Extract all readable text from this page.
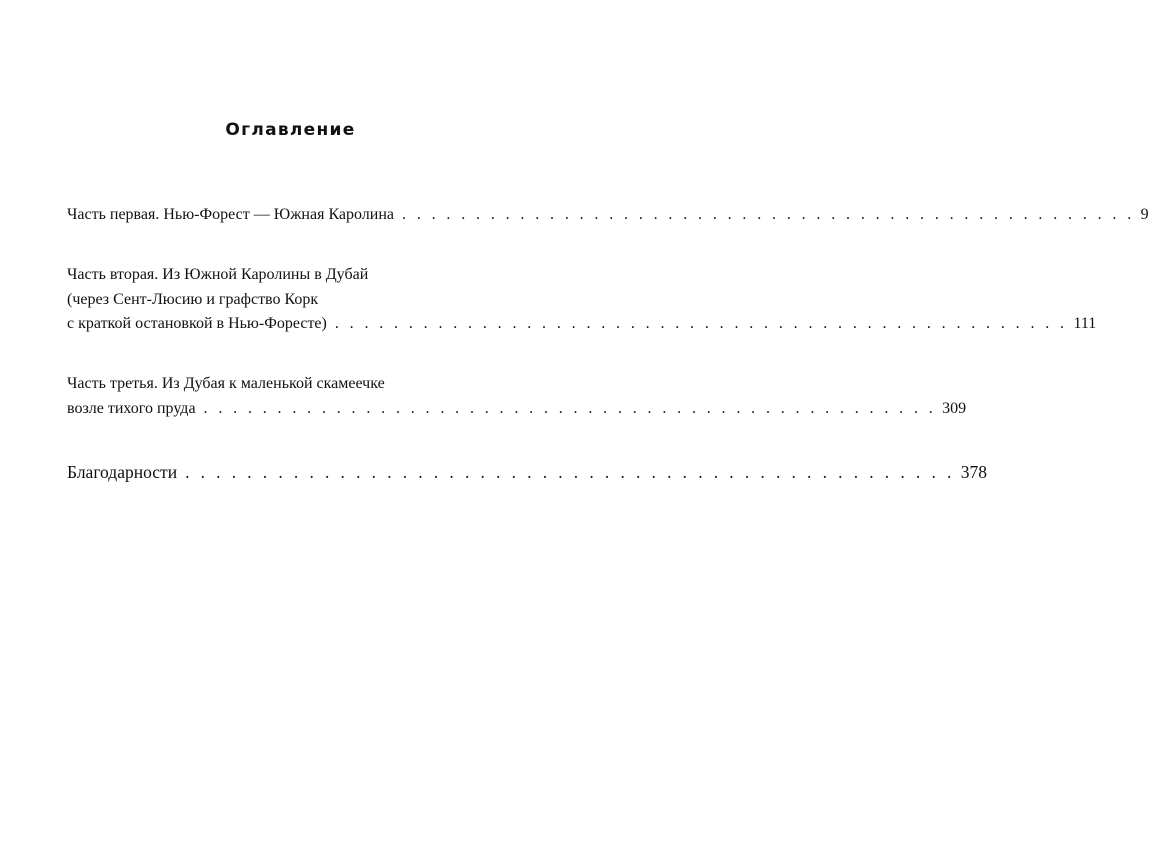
Оглавление
Часть первая. Нью-Форест — Южная Каролина . . . . . . . . . . . . . . . . . . . . . . . . . . . . . . . . . . . . . . . . . . . . . . . . . . 9
Часть вторая. Из Южной Каролины в Дубай
(через Сент-Люсию и графство Корк
с краткой остановкой в Нью-Форесте) . . . . . . . . . . . . . . . . . . . . . . . . . . . . . . . . . . . . . . . . . . . . . . . . . . 111
Часть третья. Из Дубая к маленькой скамеечке
возле тихого пруда . . . . . . . . . . . . . . . . . . . . . . . . . . . . . . . . . . . . . . . . . . . . . . . . . . 309
Благодарности . . . . . . . . . . . . . . . . . . . . . . . . . . . . . . . . . . . . . . . . . . . . . . . . . . 378
